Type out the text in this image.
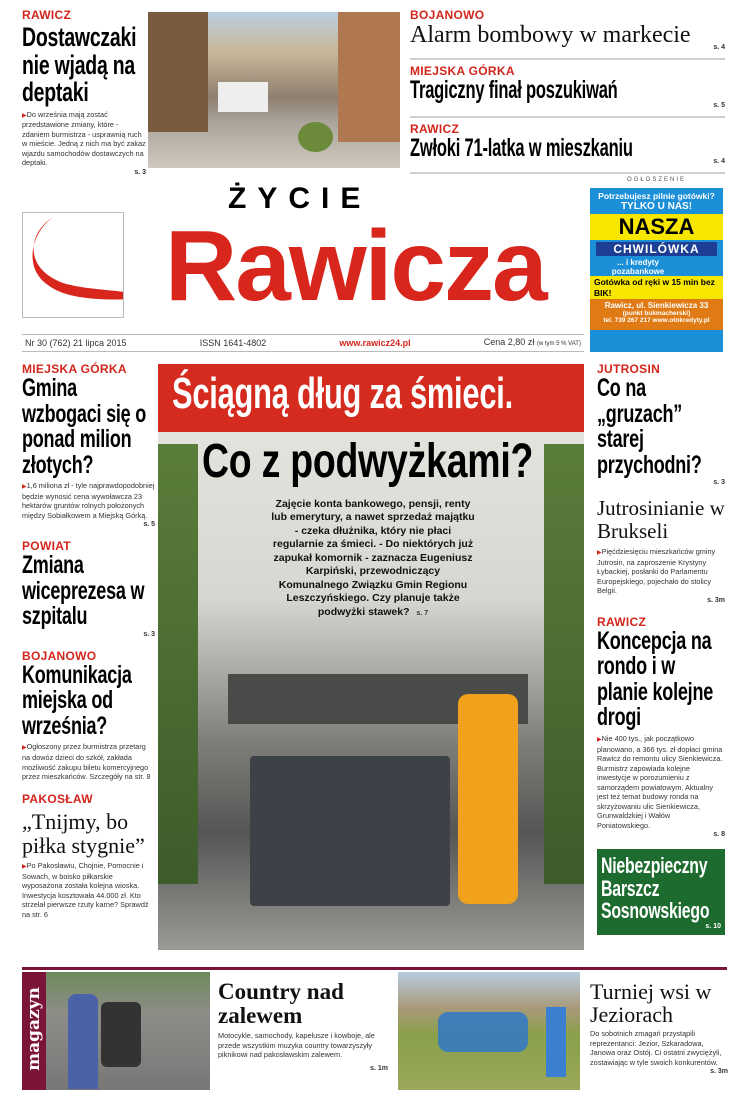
RAWICZ
Dostawczaki nie wjadą na deptaki
▶ Do września mają zostać przedstawione zmiany, które - zdaniem burmistrza - usprawnią ruch w mieście. Jedną z nich ma być zakaz wjazdu samochodów dostawczych na deptaki.
s. 3
BOJANOWO
Alarm bombowy w markecie	s. 4
MIEJSKA GÓRKA
Tragiczny finał poszukiwań
s. 5
RAWICZ
Zwłoki 71-latka w mieszkaniu	s. 4
ŻYCIE
Rawicza
OGŁOSZENIE
Potrzebujesz pilnie gotówki?
TYLKO U NAS!
NASZA
CHWILÓWKA
... i kredyty pozabankowe
Gotówka od ręki w 15 min bez BIK!
Rawicz, ul. Sienkiewicza 33
(punkt bukmacherski)
tel. 739 267 217 www.otokredyty.pl
Nr 30 (762) 21 lipca 2015	ISSN 1641-4802	www.rawicz24.pl	Cena 2,80 zł (w tym 5 % VAT)
MIEJSKA GÓRKA
Gmina wzbogaci się o ponad milion złotych?
▶ 1,6 miliona zł - tyle najprawdopodobniej będzie wynosić cena wywoławcza 23 hektarów gruntów rolnych położonych między Sobiałkowem a Miejską Górką.
s. 5
POWIAT
Zmiana wiceprezesa w szpitalu
s. 3
BOJANOWO
Komunikacja miejska od września?
▶ Ogłoszony przez burmistrza przetarg na dowóz dzieci do szkół, zakłada możliwość zakupu biletu komercyjnego przez mieszkańców. Szczegóły na str. 8
PAKOSŁAW
„Tnijmy, bo piłka stygnie”
▶ Po Pakosławiu, Chojnie, Pomocnie i Sowach, w boisko piłkarskie wyposażona została kolejna wioska. Inwestycja kosztowała 44.000 zł. Kto strzelał pierwsze rzuty karne? Sprawdź na str. 6
Ściągną dług za śmieci.
Co z podwyżkami?
Zajęcie konta bankowego, pensji, renty lub emerytury, a nawet sprzedaż majątku - czeka dłużnika, który nie płaci regularnie za śmieci. - Do niektórych już zapukał komornik - zaznacza Eugeniusz Karpiński, przewodniczący Komunalnego Związku Gmin Regionu Leszczyńskiego. Czy planuje także podwyżki stawek? s. 7
JUTROSIN
Co na „gruzach” starej przychodni?
s. 3
Jutrosinianie w Brukseli
▶ Pięćdziesięciu mieszkańców gminy Jutrosin, na zaproszenie Krystyny Łybackiej, posłanki do Parlamentu Europejskiego, pojechało do stolicy Belgii.
s. 3m
RAWICZ
Koncepcja na rondo i w planie kolejne drogi
▶ Nie 400 tys., jak początkowo planowano, a 366 tys. zł dopłaci gmina Rawicz do remontu ulicy Sienkiewicza. Burmistrz zapowiada kolejne inwestycje w porozumieniu z samorządem powiatowym. Aktualny jest też temat budowy ronda na skrzyżowaniu ulic Sienkiewicza, Grunwaldzkiej i Wałów Poniatowskiego.
s. 8
Niebezpieczny Barszcz Sosnowskiego
s. 10
magazyn	Country nad zalewem
Motocykle, samochody, kapelusze i kowboje, ale przede wszystkim muzyka country towarzyszyły piknikowi nad pakosławskim zalewem.
s. 1m
Turniej wsi w Jeziorach
Do sobotnich zmagań przystąpili reprezentanci: Jezior, Szkaradowa, Janowa oraz Ostój. Ci ostatni zwyciężyli, zostawiając w tyle swoich konkurentów.
s. 3m
